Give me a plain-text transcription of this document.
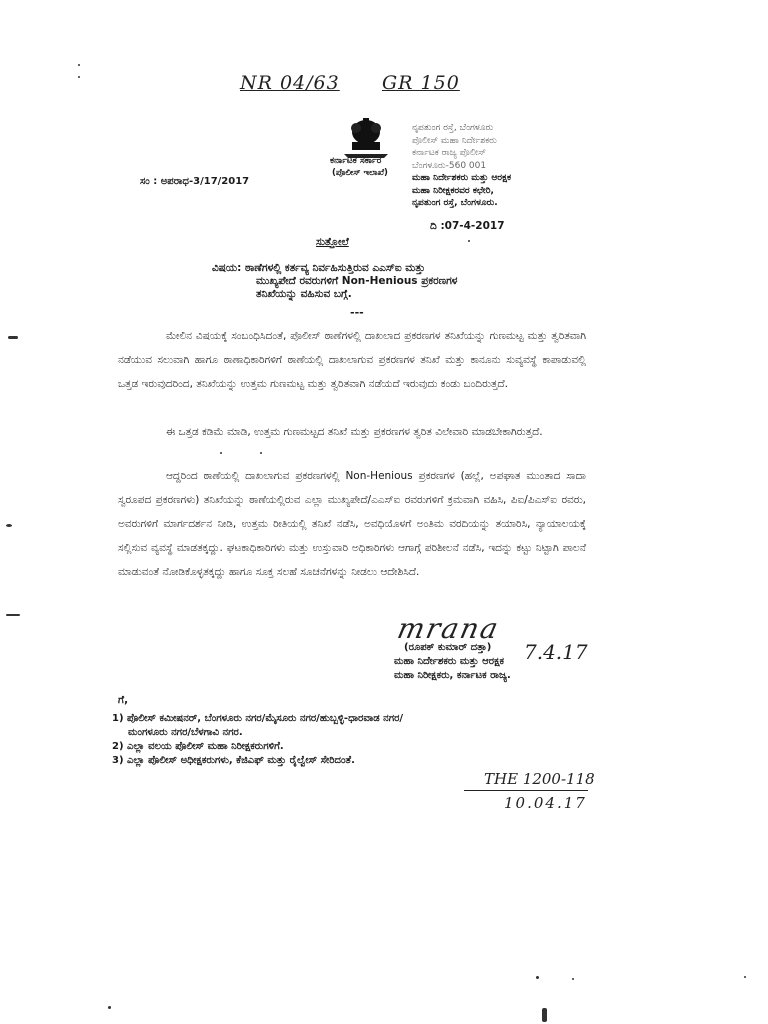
NR 04/63 GR 150
ಕರ್ನಾಟಕ ಸರ್ಕಾರ
(ಪೊಲೀಸ್ ಇಲಾಖೆ)
ನೃಪತುಂಗ ರಸ್ತೆ, ಬೆಂಗಳೂರು
ಪೊಲೀಸ್ ಮಹಾ ನಿರ್ದೇಶಕರು
ಕರ್ನಾಟಕ ರಾಜ್ಯ ಪೊಲೀಸ್
ಬೆಂಗಳೂರು-560 001
ಮಹಾ ನಿರ್ದೇಶಕರು ಮತ್ತು ಆರಕ್ಷಕ
ಮಹಾ ನಿರೀಕ್ಷಕರವರ ಕಛೇರಿ,
ನೃಪತುಂಗ ರಸ್ತೆ, ಬೆಂಗಳೂರು.
ಸಂ : ಅಪರಾಧ-3/17/2017
ದಿ :07-4-2017
ಸುತ್ತೋಲೆ
ವಿಷಯ: ಠಾಣೆಗಳಲ್ಲಿ ಕರ್ತವ್ಯ ನಿರ್ವಹಿಸುತ್ತಿರುವ ಎಎಸ್‌ಐ ಮತ್ತು
ಮುಖ್ಯಪೇದೆ ರವರುಗಳಿಗೆ Non-Henious ಪ್ರಕರಣಗಳ
ತನಿಖೆಯನ್ನು ವಹಿಸುವ ಬಗ್ಗೆ.
---
ಮೇಲಿನ ವಿಷಯಕ್ಕೆ ಸಂಬಂಧಿಸಿದಂತೆ, ಪೊಲೀಸ್ ಠಾಣೆಗಳಲ್ಲಿ ದಾಖಲಾದ ಪ್ರಕರಣಗಳ ತನಿಖೆಯನ್ನು ಗುಣಮಟ್ಟ ಮತ್ತು ತ್ವರಿತವಾಗಿ ನಡೆಯುವ ಸಲುವಾಗಿ ಹಾಗೂ ಠಾಣಾಧಿಕಾರಿಗಳಿಗೆ ಠಾಣೆಯಲ್ಲಿ ದಾಖಲಾಗುವ ಪ್ರಕರಣಗಳ ತನಿಖೆ ಮತ್ತು ಕಾನೂನು ಸುವ್ಯವಸ್ಥೆ ಕಾಪಾಡುವಲ್ಲಿ ಒತ್ತಡ ಇರುವುದರಿಂದ, ತನಿಖೆಯನ್ನು ಉತ್ತಮ ಗುಣಮಟ್ಟ ಮತ್ತು ತ್ವರಿತವಾಗಿ ನಡೆಯದೆ ಇರುವುದು ಕಂಡು ಬಂದಿರುತ್ತದೆ.
ಈ ಒತ್ತಡ ಕಡಿಮೆ ಮಾಡಿ, ಉತ್ತಮ ಗುಣಮಟ್ಟದ ತನಿಖೆ ಮತ್ತು ಪ್ರಕರಣಗಳ ತ್ವರಿತ ವಿಲೇವಾರಿ ಮಾಡಬೇಕಾಗಿರುತ್ತದೆ.
ಆದ್ದರಿಂದ ಠಾಣೆಯಲ್ಲಿ ದಾಖಲಾಗುವ ಪ್ರಕರಣಗಳಲ್ಲಿ Non-Henious ಪ್ರಕರಣಗಳ (ಹಲ್ಲೆ, ಅಪಘಾತ ಮುಂತಾದ ಸಾದಾ ಸ್ವರೂಪದ ಪ್ರಕರಣಗಳು) ತನಿಖೆಯನ್ನು ಠಾಣೆಯಲ್ಲಿರುವ ಎಲ್ಲಾ ಮುಖ್ಯಪೇದೆ/ಎಎಸ್‌ಐ ರವರುಗಳಿಗೆ ಕ್ರಮವಾಗಿ ವಹಿಸಿ, ಪಿಐ/ಪಿಎಸ್‌ಐ ರವರು, ಅವರುಗಳಿಗೆ ಮಾರ್ಗದರ್ಶನ ನೀಡಿ, ಉತ್ತಮ ರೀತಿಯಲ್ಲಿ ತನಿಖೆ ನಡೆಸಿ, ಅವಧಿಯೊಳಗೆ ಅಂತಿಮ ವರದಿಯನ್ನು ತಯಾರಿಸಿ, ನ್ಯಾಯಾಲಯಕ್ಕೆ ಸಲ್ಲಿಸುವ ವ್ಯವಸ್ಥೆ ಮಾಡತಕ್ಕದ್ದು. ಘಟಕಾಧಿಕಾರಿಗಳು ಮತ್ತು ಉಸ್ತುವಾರಿ ಅಧಿಕಾರಿಗಳು ಆಗಾಗ್ಗೆ ಪರಿಶೀಲನೆ ನಡೆಸಿ, ಇದನ್ನು ಕಟ್ಟು ನಿಟ್ಟಾಗಿ ಪಾಲನೆ ಮಾಡುವಂತೆ ನೋಡಿಕೊಳ್ಳತಕ್ಕದ್ದು ಹಾಗೂ ಸೂಕ್ತ ಸಲಹೆ ಸೂಚನೆಗಳನ್ನು ನೀಡಲು ಆದೇಶಿಸಿದೆ.
mrana
7.4.17
(ರೂಪಕ್ ಕುಮಾರ್ ದತ್ತಾ)
ಮಹಾ ನಿರ್ದೇಶಕರು ಮತ್ತು ಆರಕ್ಷಕ
ಮಹಾ ನಿರೀಕ್ಷಕರು, ಕರ್ನಾಟಕ ರಾಜ್ಯ.
ಗೆ,
1) ಪೊಲೀಸ್ ಕಮೀಷನರ್, ಬೆಂಗಳೂರು ನಗರ/ಮೈಸೂರು ನಗರ/ಹುಬ್ಬಳ್ಳಿ-ಧಾರವಾಡ ನಗರ/
ಮಂಗಳೂರು ನಗರ/ಬೆಳಗಾವಿ ನಗರ.
2) ಎಲ್ಲಾ ವಲಯ ಪೊಲೀಸ್ ಮಹಾ ನಿರೀಕ್ಷಕರುಗಳಿಗೆ.
3) ಎಲ್ಲಾ ಪೊಲೀಸ್ ಅಧೀಕ್ಷಕರುಗಳು, ಕೆಜಿಎಫ್ ಮತ್ತು ರೈಲ್ವೇಸ್ ಸೇರಿದಂತೆ.
THE 1200-118
10.04.17
